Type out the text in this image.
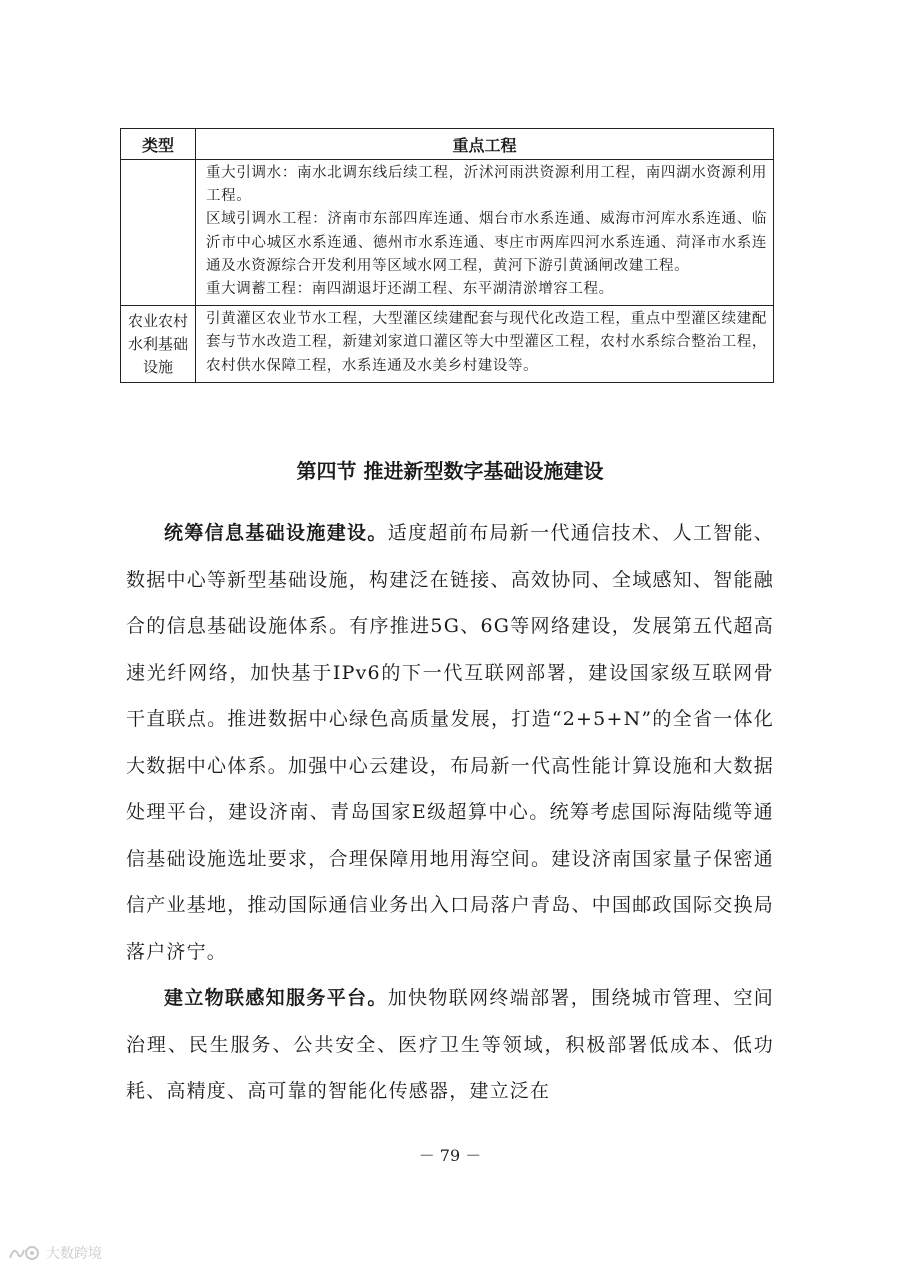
类型	重点工程

	重大引调水：南水北调东线后续工程，沂沭河雨洪资源利用工程，南四湖水资源利用工程。

区域引调水工程：济南市东部四库连通、烟台市水系连通、威海市河库水系连通、临沂市中心城区水系连通、德州市水系连通、枣庄市两库四河水系连通、菏泽市水系连通及水资源综合开发利用等区域水网工程，黄河下游引黄涵闸改建工程。

重大调蓄工程：南四湖退圩还湖工程、东平湖清淤增容工程。

农业农村水利基础设施	引黄灌区农业节水工程，大型灌区续建配套与现代化改造工程，重点中型灌区续建配套与节水改造工程，新建刘家道口灌区等大中型灌区工程，农村水系综合整治工程，农村供水保障工程，水系连通及水美乡村建设等。

第四节 推进新型数字基础设施建设

统筹信息基础设施建设。适度超前布局新一代通信技术、人工智能、数据中心等新型基础设施，构建泛在链接、高效协同、全域感知、智能融合的信息基础设施体系。有序推进5G、6G等网络建设，发展第五代超高速光纤网络，加快基于IPv6的下一代互联网部署，建设国家级互联网骨干直联点。推进数据中心绿色高质量发展，打造“2+5+N”的全省一体化大数据中心体系。加强中心云建设，布局新一代高性能计算设施和大数据处理平台，建设济南、青岛国家E级超算中心。统筹考虑国际海陆缆等通信基础设施选址要求，合理保障用地用海空间。建设济南国家量子保密通信产业基地，推动国际通信业务出入口局落户青岛、中国邮政国际交换局落户济宁。

建立物联感知服务平台。加快物联网终端部署，围绕城市管理、空间治理、民生服务、公共安全、医疗卫生等领域，积极部署低成本、低功耗、高精度、高可靠的智能化传感器，建立泛在

－ 79 －
大数跨境
